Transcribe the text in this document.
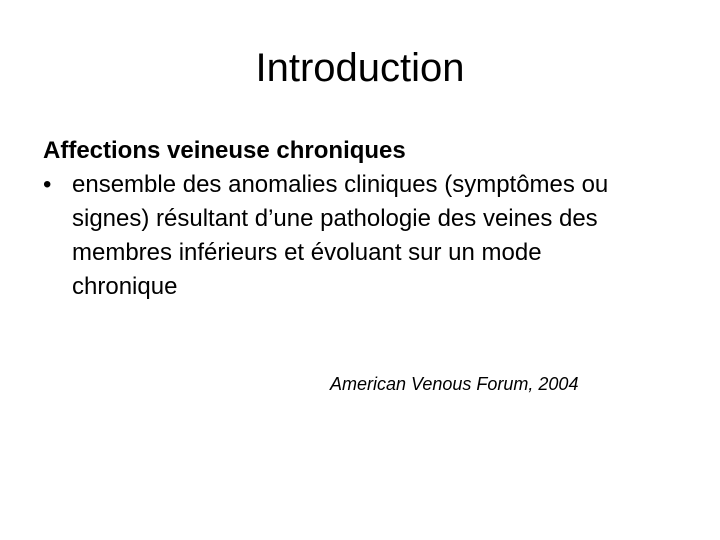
Introduction

Affections veineuse chroniques

• ensemble des anomalies cliniques (symptômes ou signes) résultant d’une pathologie des veines des membres inférieurs et évoluant sur un mode chronique

American Venous Forum, 2004
